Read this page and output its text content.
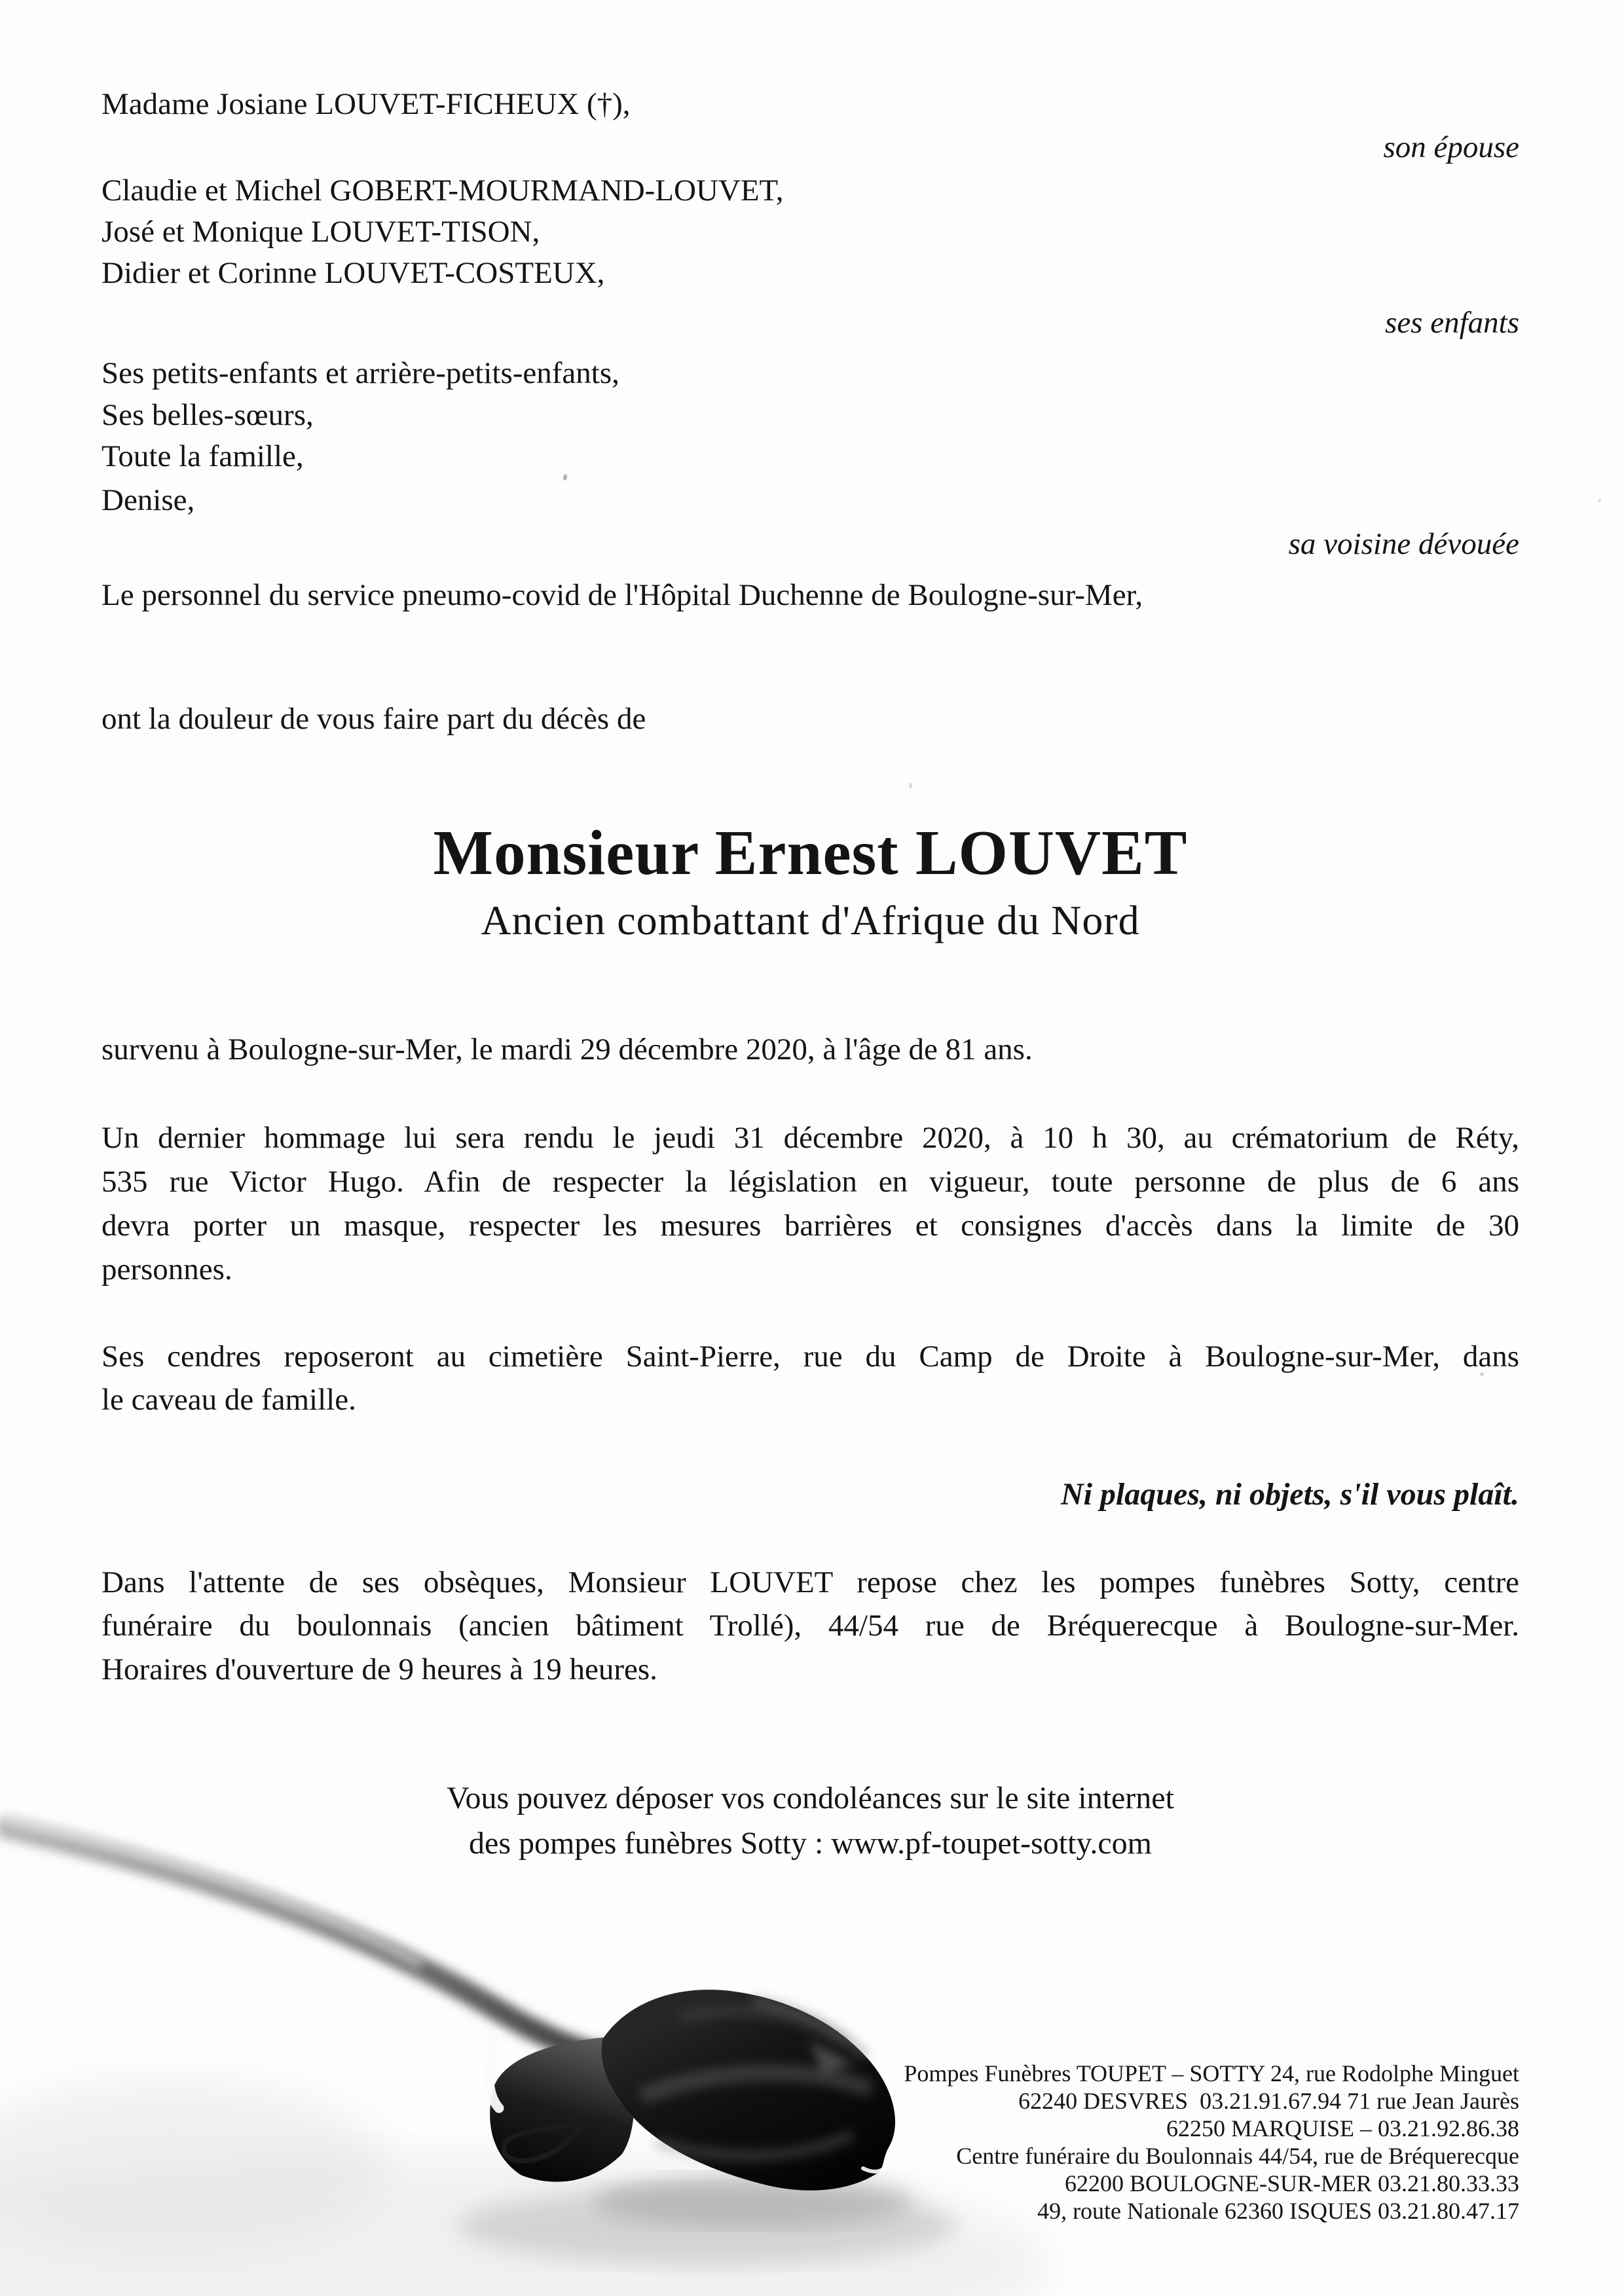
Madame Josiane LOUVET-FICHEUX (†),
son épouse
Claudie et Michel GOBERT-MOURMAND-LOUVET,
José et Monique LOUVET-TISON,
Didier et Corinne LOUVET-COSTEUX,
ses enfants
Ses petits-enfants et arrière-petits-enfants,
Ses belles-sœurs,
Toute la famille,
Denise,
sa voisine dévouée
Le personnel du service pneumo-covid de l'Hôpital Duchenne de Boulogne-sur-Mer,
ont la douleur de vous faire part du décès de
Monsieur Ernest LOUVET
Ancien combattant d'Afrique du Nord
survenu à Boulogne-sur-Mer, le mardi 29 décembre 2020, à l'âge de 81 ans.
Un dernier hommage lui sera rendu le jeudi 31 décembre 2020, à 10 h 30, au crématorium de Réty,
535 rue Victor Hugo. Afin de respecter la législation en vigueur, toute personne de plus de 6 ans
devra porter un masque, respecter les mesures barrières et consignes d'accès dans la limite de 30
personnes.
Ses cendres reposeront au cimetière Saint-Pierre, rue du Camp de Droite à Boulogne-sur-Mer, dans
le caveau de famille.
Ni plaques, ni objets, s'il vous plaît.
Dans l'attente de ses obsèques, Monsieur LOUVET repose chez les pompes funèbres Sotty, centre
funéraire du boulonnais (ancien bâtiment Trollé), 44/54 rue de Bréquerecque à Boulogne-sur-Mer.
Horaires d'ouverture de 9 heures à 19 heures.
Vous pouvez déposer vos condoléances sur le site internet
des pompes funèbres Sotty : www.pf-toupet-sotty.com
Pompes Funèbres TOUPET – SOTTY 24, rue Rodolphe Minguet
62240 DESVRES  03.21.91.67.94 71 rue Jean Jaurès
62250 MARQUISE – 03.21.92.86.38
Centre funéraire du Boulonnais 44/54, rue de Bréquerecque
62200 BOULOGNE-SUR-MER 03.21.80.33.33
49, route Nationale 62360 ISQUES 03.21.80.47.17
